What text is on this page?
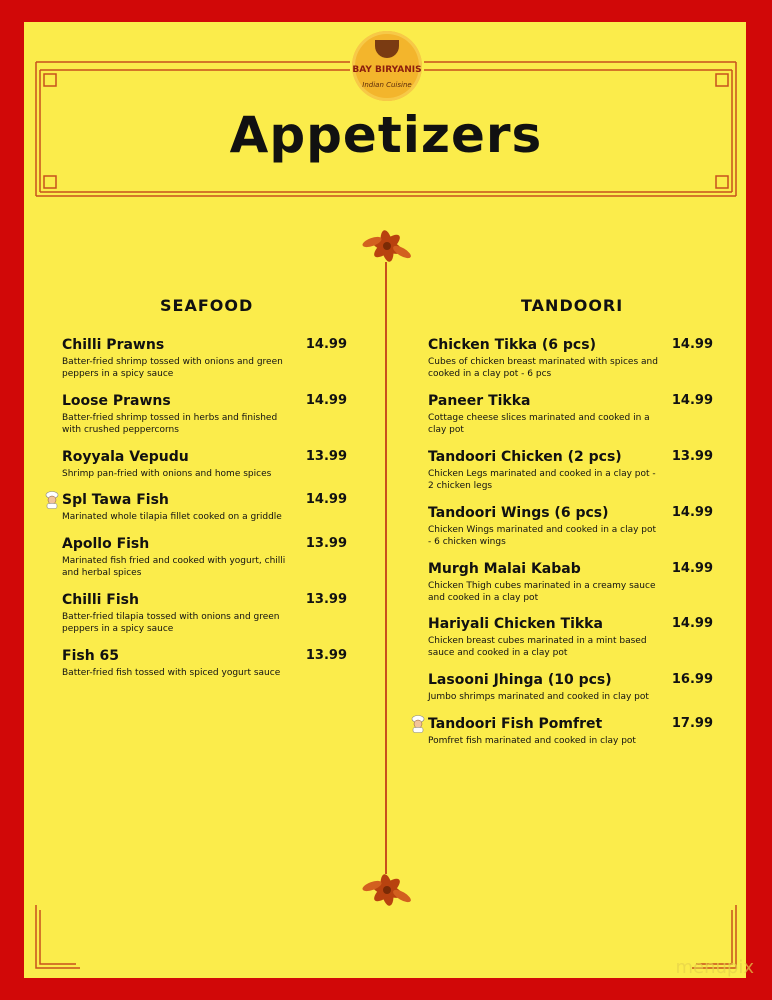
BAY BIRYANIS
Indian Cuisine
Appetizers
SEAFOOD	TANDOORI
Chilli Prawns	14.99
Batter-fried shrimp tossed with onions and green peppers in a spicy sauce
Loose Prawns	14.99
Batter-fried shrimp tossed in herbs and finished with crushed peppercorns
Royyala Vepudu	13.99
Shrimp pan-fried with onions and home spices
Spl Tawa Fish	14.99
Marinated whole tilapia fillet cooked on a griddle
Apollo Fish	13.99
Marinated fish fried and cooked with yogurt, chilli and herbal spices
Chilli Fish	13.99
Batter-fried tilapia tossed with onions and green peppers in a spicy sauce
Fish 65	13.99
Batter-fried fish tossed with spiced yogurt sauce
Chicken Tikka (6 pcs)	14.99
Cubes of chicken breast marinated with spices and cooked in a clay pot - 6 pcs
Paneer Tikka	14.99
Cottage cheese slices marinated and cooked in a clay pot
Tandoori Chicken (2 pcs)	13.99
Chicken Legs marinated and cooked in a clay pot - 2 chicken legs
Tandoori Wings (6 pcs)	14.99
Chicken Wings marinated and cooked in a clay pot - 6 chicken wings
Murgh Malai Kabab	14.99
Chicken Thigh cubes marinated in a creamy sauce and cooked in a clay pot
Hariyali Chicken Tikka	14.99
Chicken breast cubes marinated in a mint based sauce and cooked in a clay pot
Lasooni Jhinga (10 pcs)	16.99
Jumbo shrimps marinated and cooked in clay pot
Tandoori Fish Pomfret	17.99
Pomfret fish marinated and cooked in clay pot
menupix
